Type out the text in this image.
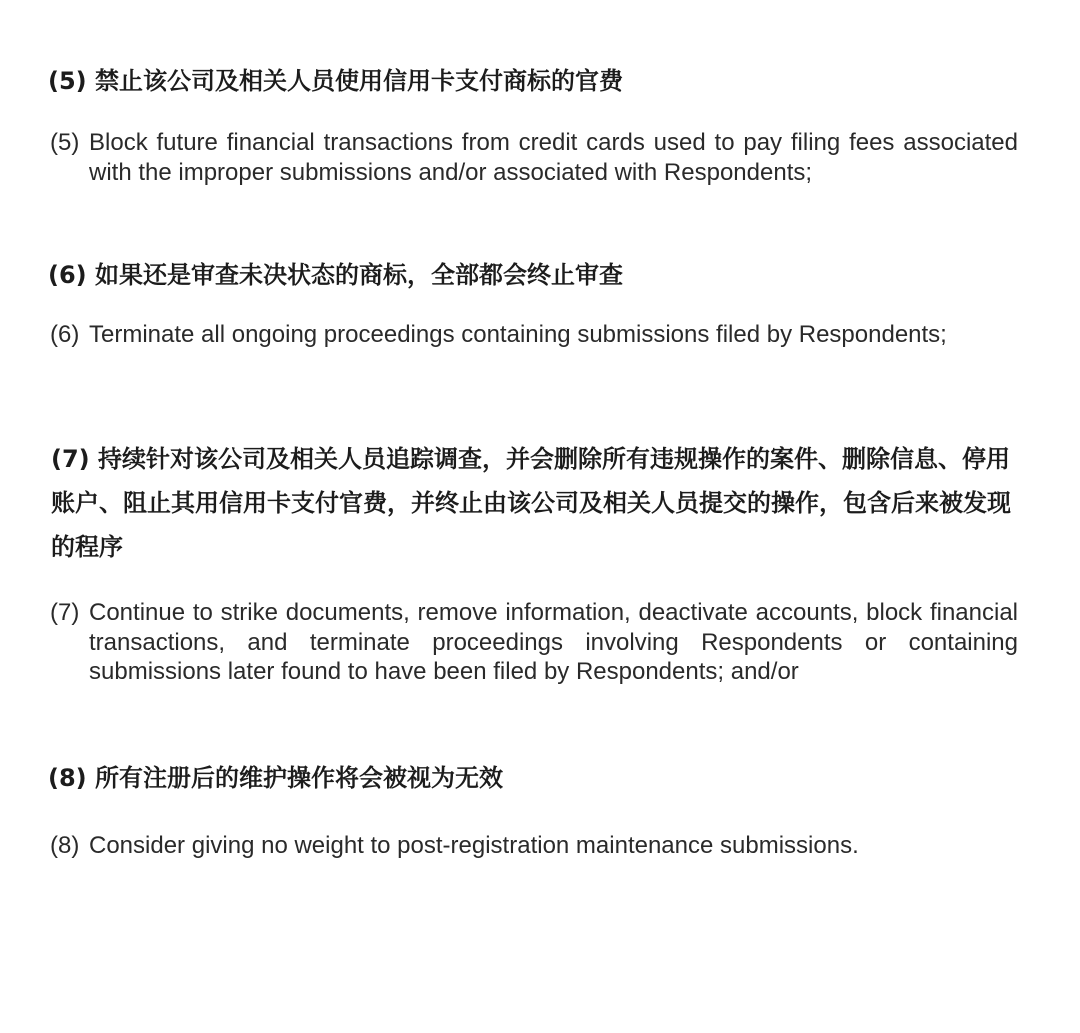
(5) 禁止该公司及相关人员使用信用卡支付商标的官费

(5) Block future financial transactions from credit cards used to pay filing fees associated with the improper submissions and/or associated with Respondents;

(6) 如果还是审查未决状态的商标，全部都会终止审查

(6) Terminate all ongoing proceedings containing submissions filed by Respondents;

(7) 持续针对该公司及相关人员追踪调查，并会删除所有违规操作的案件、删除信息、停用账户、阻止其用信用卡支付官费，并终止由该公司及相关人员提交的操作，包含后来被发现的程序

(7) Continue to strike documents, remove information, deactivate accounts, block financial transactions, and terminate proceedings involving Respondents or containing submissions later found to have been filed by Respondents; and/or

(8) 所有注册后的维护操作将会被视为无效

(8) Consider giving no weight to post-registration maintenance submissions.
